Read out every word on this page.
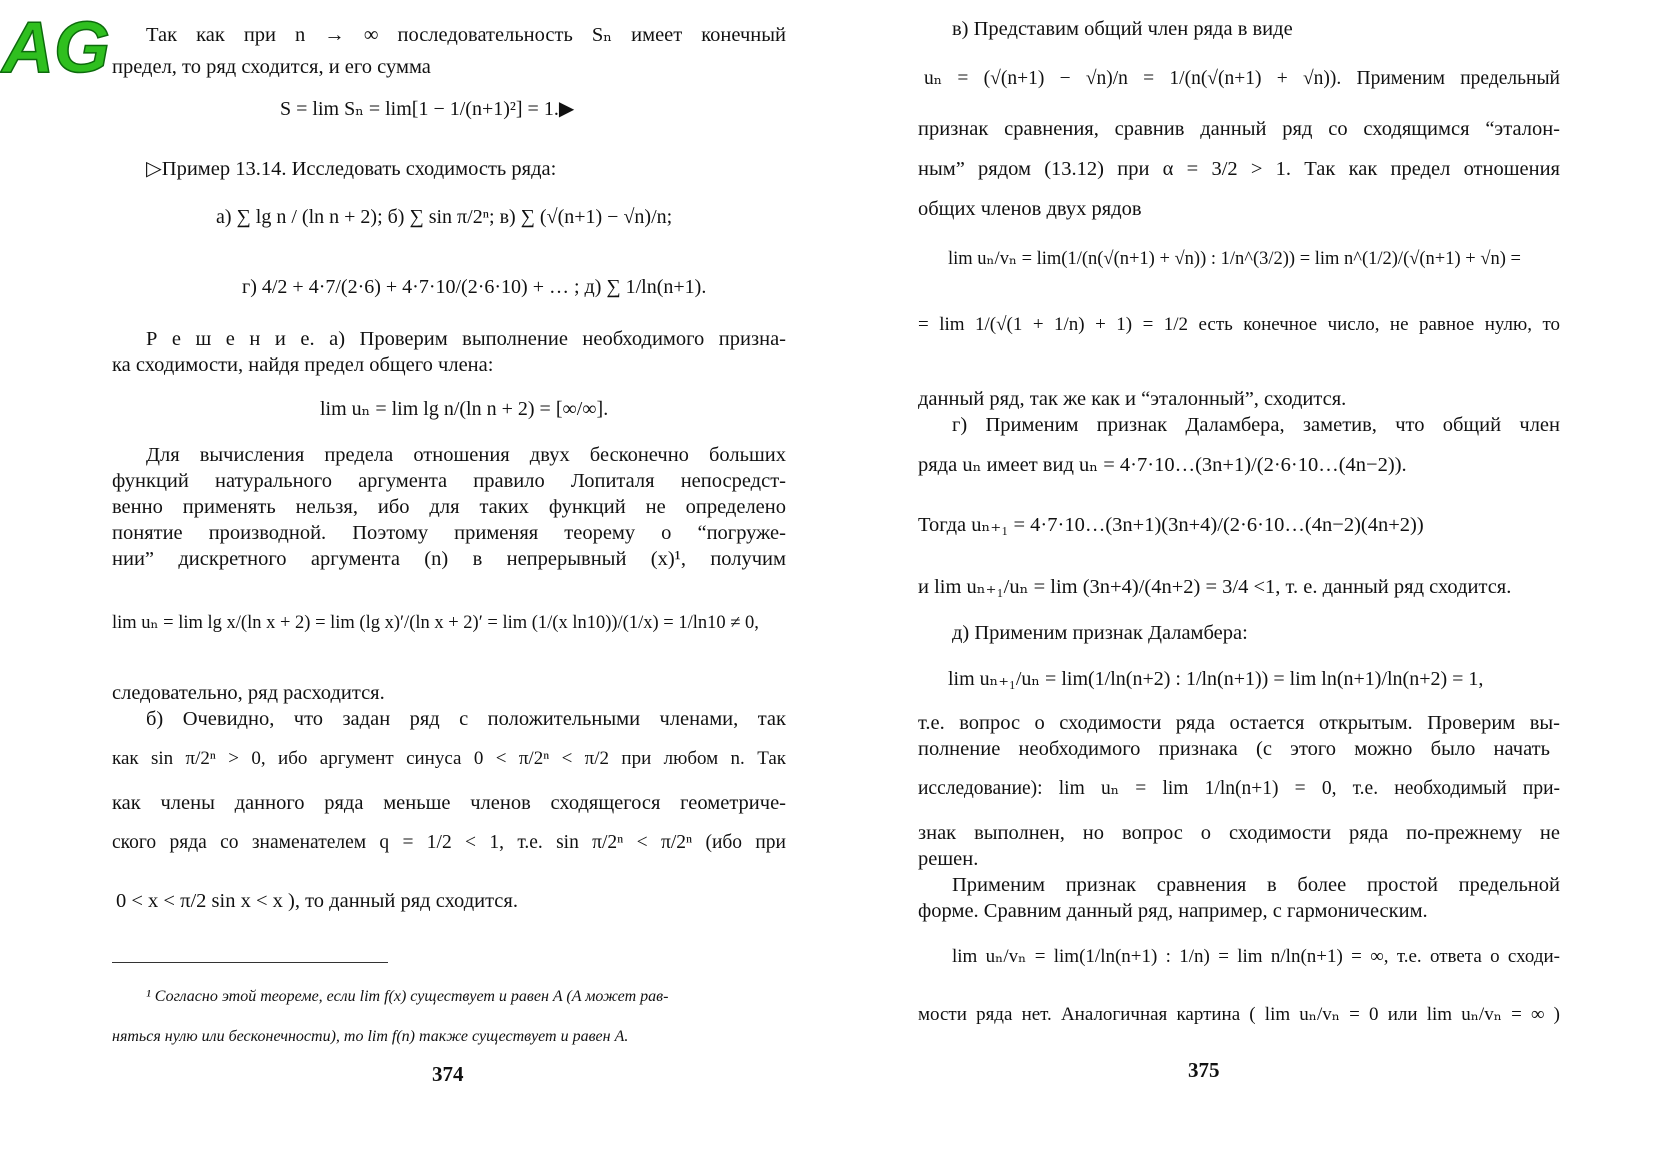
AG Так как при n → ∞ последовательность Sₙ имеет конечный
предел, то ряд сходится, и его сумма
S = lim Sₙ = lim[1 − 1/(n+1)²] = 1.▶
▷Пример 13.14. Исследовать сходимость ряда:
а) ∑ lg n / (ln n + 2); б) ∑ sin π/2ⁿ; в) ∑ (√(n+1) − √n)/n;
г) 4/2 + 4·7/(2·6) + 4·7·10/(2·6·10) + … ; д) ∑ 1/ln(n+1).
Р е ш е н и е. а) Проверим выполнение необходимого призна-
ка сходимости, найдя предел общего члена:
lim uₙ = lim lg n/(ln n + 2) = [∞/∞].
Для вычисления предела отношения двух бесконечно больших
функций натурального аргумента правило Лопиталя непосредст-
венно применять нельзя, ибо для таких функций не определено
понятие производной. Поэтому применяя теорему о “погруже-
нии” дискретного аргумента (n) в непрерывный (x)¹, получим
lim uₙ = lim lg x/(ln x + 2) = lim (lg x)′/(ln x + 2)′ = lim (1/(x ln10))/(1/x) = 1/ln10 ≠ 0,
следовательно, ряд расходится.
б) Очевидно, что задан ряд с положительными членами, так
как sin π/2ⁿ > 0, ибо аргумент синуса 0 < π/2ⁿ < π/2 при любом n. Так
как члены данного ряда меньше членов сходящегося геометриче-
ского ряда со знаменателем q = 1/2 < 1, т.е. sin π/2ⁿ < π/2ⁿ (ибо при
0 < x < π/2 sin x < x ), то данный ряд сходится.
¹ Согласно этой теореме, если lim f(x) существует и равен A (A может рав-
няться нулю или бесконечности), то lim f(n) также существует и равен A.
374
в) Представим общий член ряда в виде
uₙ = (√(n+1) − √n)/n = 1/(n(√(n+1) + √n)). Применим предельный
признак сравнения, сравнив данный ряд со сходящимся “эталон-
ным” рядом (13.12) при α = 3/2 > 1. Так как предел отношения
общих членов двух рядов
lim uₙ/vₙ = lim(1/(n(√(n+1) + √n)) : 1/n^(3/2)) = lim n^(1/2)/(√(n+1) + √n) =
= lim 1/(√(1 + 1/n) + 1) = 1/2 есть конечное число, не равное нулю, то
данный ряд, так же как и “эталонный”, сходится.
г) Применим признак Даламбера, заметив, что общий член
ряда uₙ имеет вид uₙ = 4·7·10…(3n+1)/(2·6·10…(4n−2)).
Тогда uₙ₊₁ = 4·7·10…(3n+1)(3n+4)/(2·6·10…(4n−2)(4n+2))
и lim uₙ₊₁/uₙ = lim (3n+4)/(4n+2) = 3/4 <1, т. е. данный ряд сходится.
д) Применим признак Даламбера:
lim uₙ₊₁/uₙ = lim(1/ln(n+2) : 1/ln(n+1)) = lim ln(n+1)/ln(n+2) = 1,
т.е. вопрос о сходимости ряда остается открытым. Проверим вы-
полнение необходимого признака (с этого можно было начать
исследование): lim uₙ = lim 1/ln(n+1) = 0, т.е. необходимый при-
знак выполнен, но вопрос о сходимости ряда по-прежнему не
решен.
Применим признак сравнения в более простой предельной
форме. Сравним данный ряд, например, с гармоническим.
lim uₙ/vₙ = lim(1/ln(n+1) : 1/n) = lim n/ln(n+1) = ∞, т.е. ответа о сходи-
мости ряда нет. Аналогичная картина ( lim uₙ/vₙ = 0 или lim uₙ/vₙ = ∞ )
375
